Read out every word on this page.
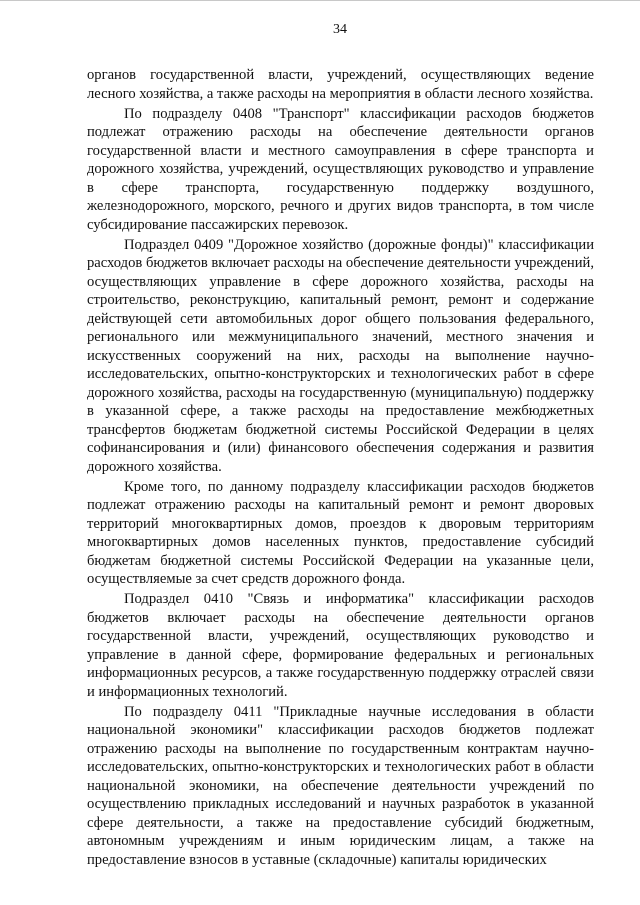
34

органов государственной власти, учреждений, осуществляющих ведение лесного хозяйства, а также расходы на мероприятия в области лесного хозяйства.

По подразделу 0408 "Транспорт" классификации расходов бюджетов подлежат отражению расходы на обеспечение деятельности органов государственной власти и местного самоуправления в сфере транспорта и дорожного хозяйства, учреждений, осуществляющих руководство и управление в сфере транспорта, государственную поддержку воздушного, железнодорожного, морского, речного и других видов транспорта, в том числе субсидирование пассажирских перевозок.

Подраздел 0409 "Дорожное хозяйство (дорожные фонды)" классификации расходов бюджетов включает расходы на обеспечение деятельности учреждений, осуществляющих управление в сфере дорожного хозяйства, расходы на строительство, реконструкцию, капитальный ремонт, ремонт и содержание действующей сети автомобильных дорог общего пользования федерального, регионального или межмуниципального значений, местного значения и искусственных сооружений на них, расходы на выполнение научно-исследовательских, опытно-конструкторских и технологических работ в сфере дорожного хозяйства, расходы на государственную (муниципальную) поддержку в указанной сфере, а также расходы на предоставление межбюджетных трансфертов бюджетам бюджетной системы Российской Федерации в целях софинансирования и (или) финансового обеспечения содержания и развития дорожного хозяйства.

Кроме того, по данному подразделу классификации расходов бюджетов подлежат отражению расходы на капитальный ремонт и ремонт дворовых территорий многоквартирных домов, проездов к дворовым территориям многоквартирных домов населенных пунктов, предоставление субсидий бюджетам бюджетной системы Российской Федерации на указанные цели, осуществляемые за счет средств дорожного фонда.

Подраздел 0410 "Связь и информатика" классификации расходов бюджетов включает расходы на обеспечение деятельности органов государственной власти, учреждений, осуществляющих руководство и управление в данной сфере, формирование федеральных и региональных информационных ресурсов, а также государственную поддержку отраслей связи и информационных технологий.

По подразделу 0411 "Прикладные научные исследования в области национальной экономики" классификации расходов бюджетов подлежат отражению расходы на выполнение по государственным контрактам научно-исследовательских, опытно-конструкторских и технологических работ в области национальной экономики, на обеспечение деятельности учреждений по осуществлению прикладных исследований и научных разработок в указанной сфере деятельности, а также на предоставление субсидий бюджетным, автономным учреждениям и иным юридическим лицам, а также на предоставление взносов в уставные (складочные) капиталы юридических
